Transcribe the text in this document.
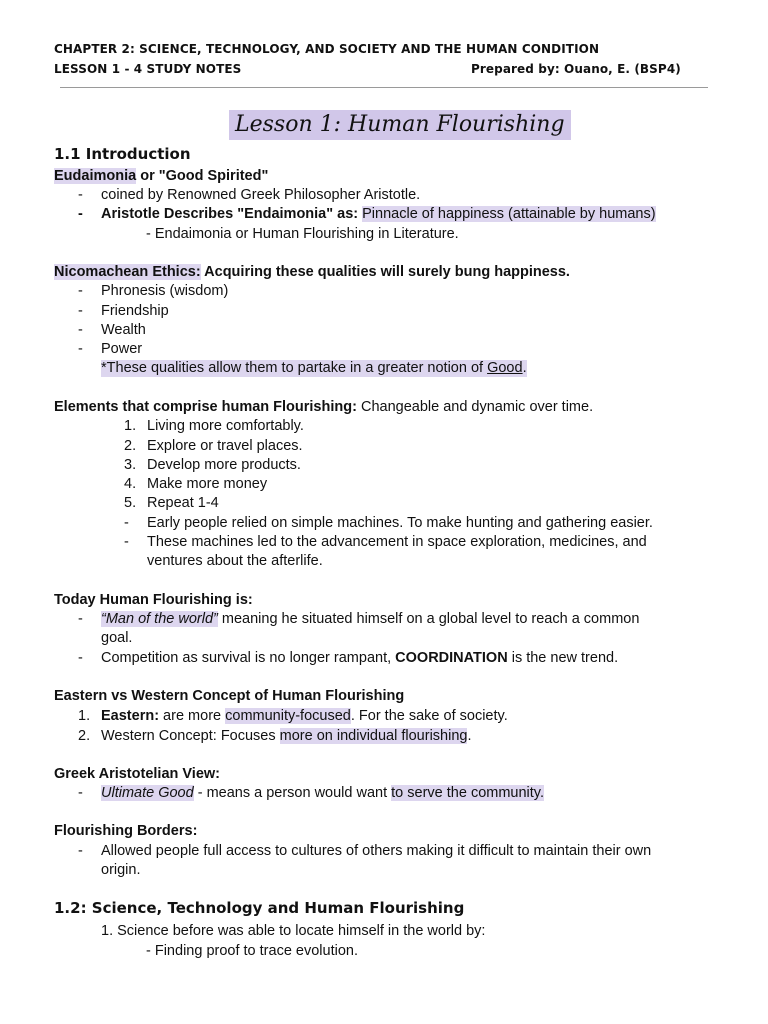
CHAPTER 2: SCIENCE, TECHNOLOGY, AND SOCIETY AND THE HUMAN CONDITION
LESSON 1 - 4 STUDY NOTES	Prepared by: Ouano, E. (BSP4)
Lesson 1: Human Flourishing
1.1 Introduction
Eudaimonia or "Good Spirited"
- coined by Renowned Greek Philosopher Aristotle.
- Aristotle Describes "Endaimonia" as: Pinnacle of happiness (attainable by humans)
- Endaimonia or Human Flourishing in Literature.
Nicomachean Ethics: Acquiring these qualities will surely bung happiness.
- Phronesis (wisdom)
- Friendship
- Wealth
- Power
*These qualities allow them to partake in a greater notion of Good.
Elements that comprise human Flourishing: Changeable and dynamic over time.
1. Living more comfortably.
2. Explore or travel places.
3. Develop more products.
4. Make more money
5. Repeat 1-4
- Early people relied on simple machines. To make hunting and gathering easier.
- These machines led to the advancement in space exploration, medicines, and
ventures about the afterlife.
Today Human Flourishing is:
- “Man of the world” meaning he situated himself on a global level to reach a common
goal.
- Competition as survival is no longer rampant, COORDINATION is the new trend.
Eastern vs Western Concept of Human Flourishing
1. Eastern: are more community-focused. For the sake of society.
2. Western Concept: Focuses more on individual flourishing.
Greek Aristotelian View:
- Ultimate Good - means a person would want to serve the community.
Flourishing Borders:
- Allowed people full access to cultures of others making it difficult to maintain their own
origin.
1.2: Science, Technology and Human Flourishing
1. Science before was able to locate himself in the world by:
- Finding proof to trace evolution.
